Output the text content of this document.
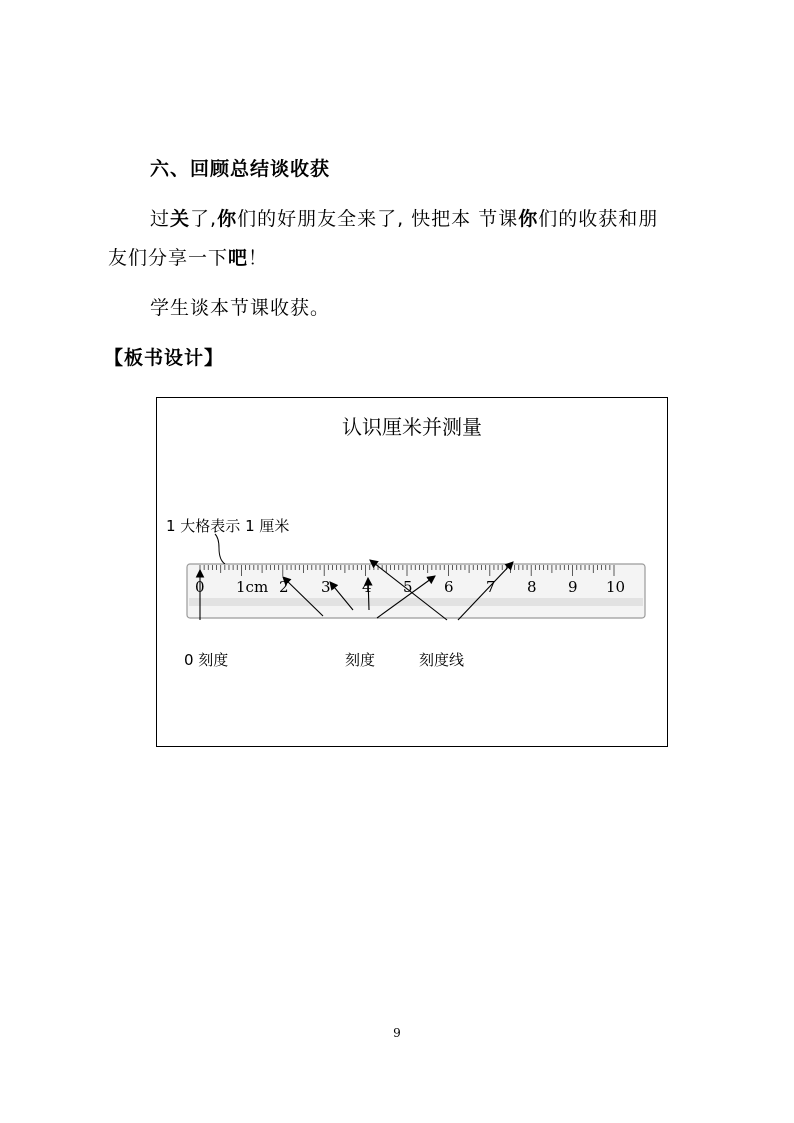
六、回顾总结谈收获
过关了,你们的好朋友全来了, 快把本 节课你们的收获和朋
友们分享一下吧！
学生谈本节课收获。
【板书设计】
认识厘米并测量
1 大格表示 1 厘米
0 1cm 2 3 4 5 6 7 8 9 10
0 刻度	刻度	刻度线
9
